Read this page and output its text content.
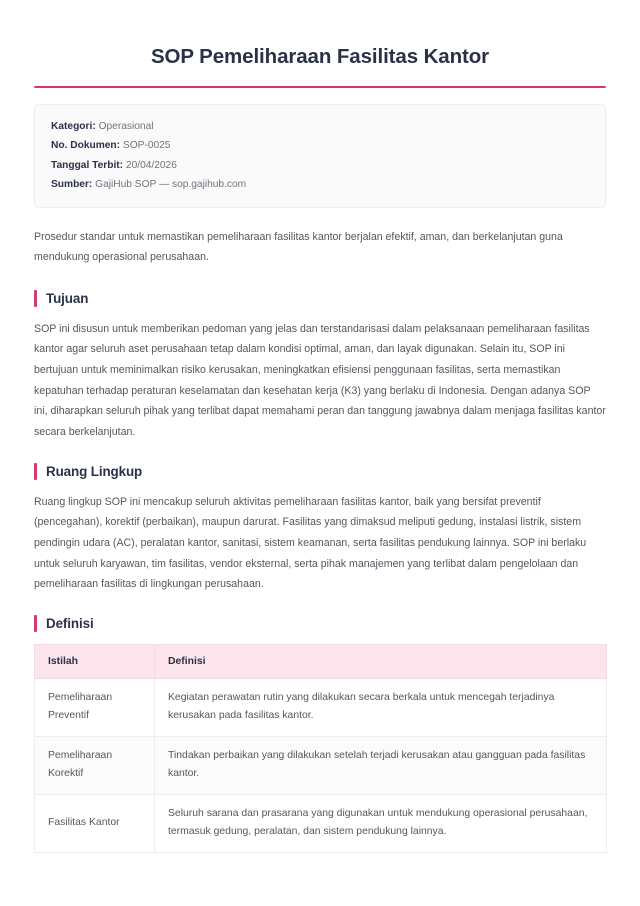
SOP Pemeliharaan Fasilitas Kantor
Kategori: Operasional
No. Dokumen: SOP-0025
Tanggal Terbit: 20/04/2026
Sumber: GajiHub SOP — sop.gajihub.com

Prosedur standar untuk memastikan pemeliharaan fasilitas kantor berjalan efektif, aman, dan berkelanjutan guna mendukung operasional perusahaan.

Tujuan

SOP ini disusun untuk memberikan pedoman yang jelas dan terstandarisasi dalam pelaksanaan pemeliharaan fasilitas kantor agar seluruh aset perusahaan tetap dalam kondisi optimal, aman, dan layak digunakan. Selain itu, SOP ini bertujuan untuk meminimalkan risiko kerusakan, meningkatkan efisiensi penggunaan fasilitas, serta memastikan kepatuhan terhadap peraturan keselamatan dan kesehatan kerja (K3) yang berlaku di Indonesia. Dengan adanya SOP ini, diharapkan seluruh pihak yang terlibat dapat memahami peran dan tanggung jawabnya dalam menjaga fasilitas kantor secara berkelanjutan.

Ruang Lingkup

Ruang lingkup SOP ini mencakup seluruh aktivitas pemeliharaan fasilitas kantor, baik yang bersifat preventif (pencegahan), korektif (perbaikan), maupun darurat. Fasilitas yang dimaksud meliputi gedung, instalasi listrik, sistem pendingin udara (AC), peralatan kantor, sanitasi, sistem keamanan, serta fasilitas pendukung lainnya. SOP ini berlaku untuk seluruh karyawan, tim fasilitas, vendor eksternal, serta pihak manajemen yang terlibat dalam pengelolaan dan pemeliharaan fasilitas di lingkungan perusahaan.

Definisi
Istilah	Definisi
Pemeliharaan Preventif	Kegiatan perawatan rutin yang dilakukan secara berkala untuk mencegah terjadinya kerusakan pada fasilitas kantor.
Pemeliharaan Korektif	Tindakan perbaikan yang dilakukan setelah terjadi kerusakan atau gangguan pada fasilitas kantor.
Fasilitas Kantor	Seluruh sarana dan prasarana yang digunakan untuk mendukung operasional perusahaan, termasuk gedung, peralatan, dan sistem pendukung lainnya.
